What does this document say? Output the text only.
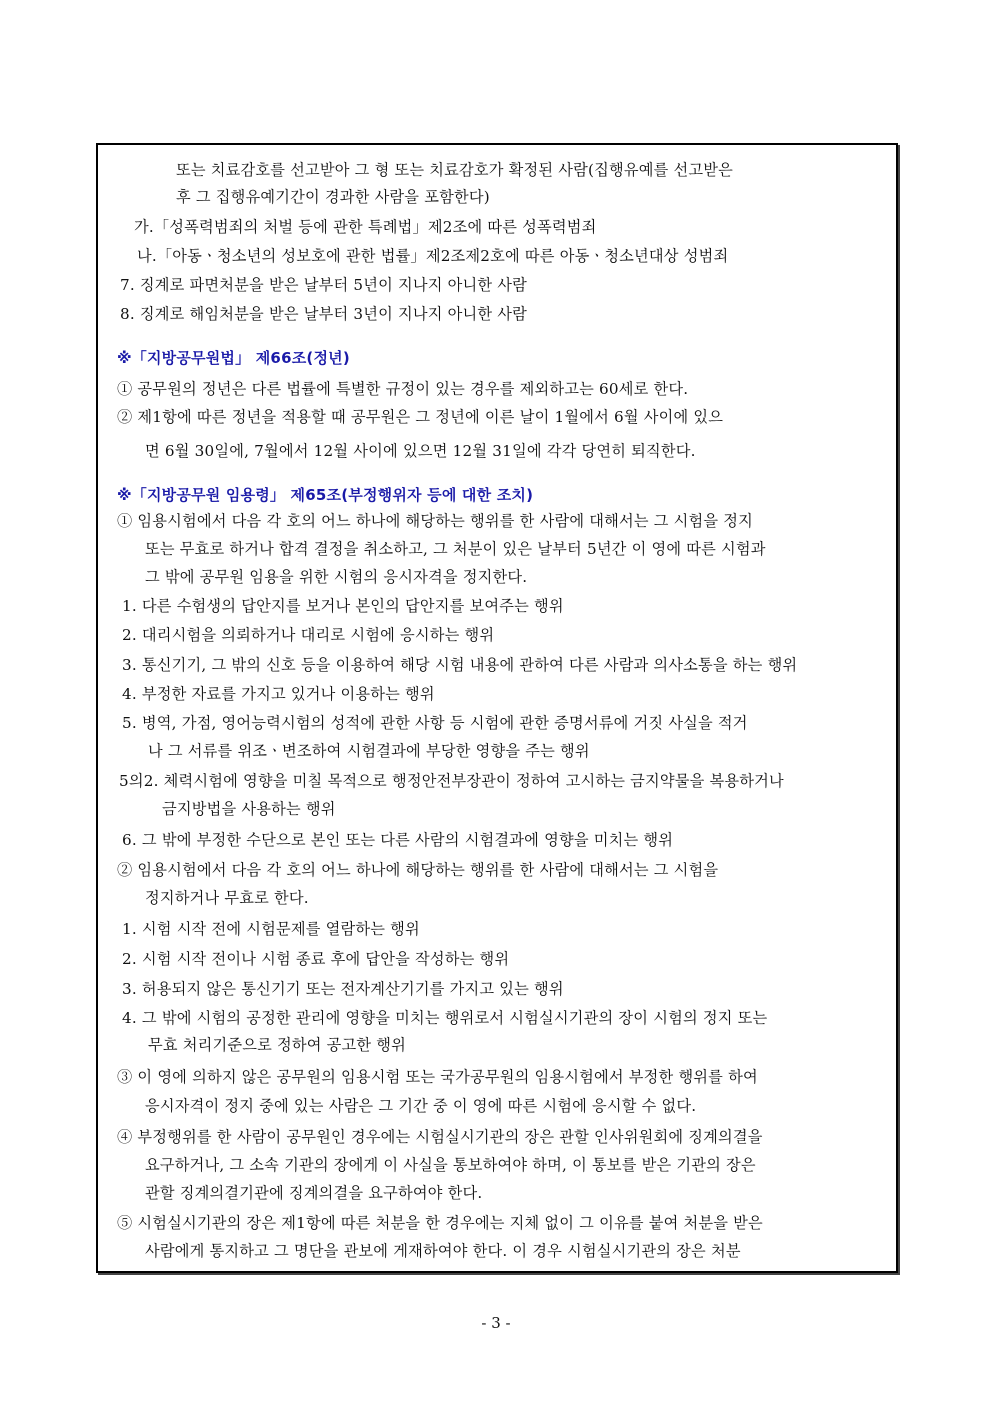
또는 치료감호를 선고받아 그 형 또는 치료감호가 확정된 사람(집행유예를 선고받은
후 그 집행유예기간이 경과한 사람을 포함한다)
가.「성폭력범죄의 처벌 등에 관한 특례법」제2조에 따른 성폭력범죄
나.「아동ㆍ청소년의 성보호에 관한 법률」제2조제2호에 따른 아동ㆍ청소년대상 성범죄
7. 징계로 파면처분을 받은 날부터 5년이 지나지 아니한 사람
8. 징계로 해임처분을 받은 날부터 3년이 지나지 아니한 사람
※「지방공무원법」 제66조(정년)
① 공무원의 정년은 다른 법률에 특별한 규정이 있는 경우를 제외하고는 60세로 한다.
② 제1항에 따른 정년을 적용할 때 공무원은 그 정년에 이른 날이 1월에서 6월 사이에 있으
면 6월 30일에, 7월에서 12월 사이에 있으면 12월 31일에 각각 당연히 퇴직한다.
※「지방공무원 임용령」 제65조(부정행위자 등에 대한 조치)
① 임용시험에서 다음 각 호의 어느 하나에 해당하는 행위를 한 사람에 대해서는 그 시험을 정지
또는 무효로 하거나 합격 결정을 취소하고, 그 처분이 있은 날부터 5년간 이 영에 따른 시험과
그 밖에 공무원 임용을 위한 시험의 응시자격을 정지한다.
1. 다른 수험생의 답안지를 보거나 본인의 답안지를 보여주는 행위
2. 대리시험을 의뢰하거나 대리로 시험에 응시하는 행위
3. 통신기기, 그 밖의 신호 등을 이용하여 해당 시험 내용에 관하여 다른 사람과 의사소통을 하는 행위
4. 부정한 자료를 가지고 있거나 이용하는 행위
5. 병역, 가점, 영어능력시험의 성적에 관한 사항 등 시험에 관한 증명서류에 거짓 사실을 적거
나 그 서류를 위조ㆍ변조하여 시험결과에 부당한 영향을 주는 행위
5의2. 체력시험에 영향을 미칠 목적으로 행정안전부장관이 정하여 고시하는 금지약물을 복용하거나
금지방법을 사용하는 행위
6. 그 밖에 부정한 수단으로 본인 또는 다른 사람의 시험결과에 영향을 미치는 행위
② 임용시험에서 다음 각 호의 어느 하나에 해당하는 행위를 한 사람에 대해서는 그 시험을
정지하거나 무효로 한다.
1. 시험 시작 전에 시험문제를 열람하는 행위
2. 시험 시작 전이나 시험 종료 후에 답안을 작성하는 행위
3. 허용되지 않은 통신기기 또는 전자계산기기를 가지고 있는 행위
4. 그 밖에 시험의 공정한 관리에 영향을 미치는 행위로서 시험실시기관의 장이 시험의 정지 또는
무효 처리기준으로 정하여 공고한 행위
③ 이 영에 의하지 않은 공무원의 임용시험 또는 국가공무원의 임용시험에서 부정한 행위를 하여
응시자격이 정지 중에 있는 사람은 그 기간 중 이 영에 따른 시험에 응시할 수 없다.
④ 부정행위를 한 사람이 공무원인 경우에는 시험실시기관의 장은 관할 인사위원회에 징계의결을
요구하거나, 그 소속 기관의 장에게 이 사실을 통보하여야 하며, 이 통보를 받은 기관의 장은
관할 징계의결기관에 징계의결을 요구하여야 한다.
⑤ 시험실시기관의 장은 제1항에 따른 처분을 한 경우에는 지체 없이 그 이유를 붙여 처분을 받은
사람에게 통지하고 그 명단을 관보에 게재하여야 한다. 이 경우 시험실시기관의 장은 처분
- 3 -
